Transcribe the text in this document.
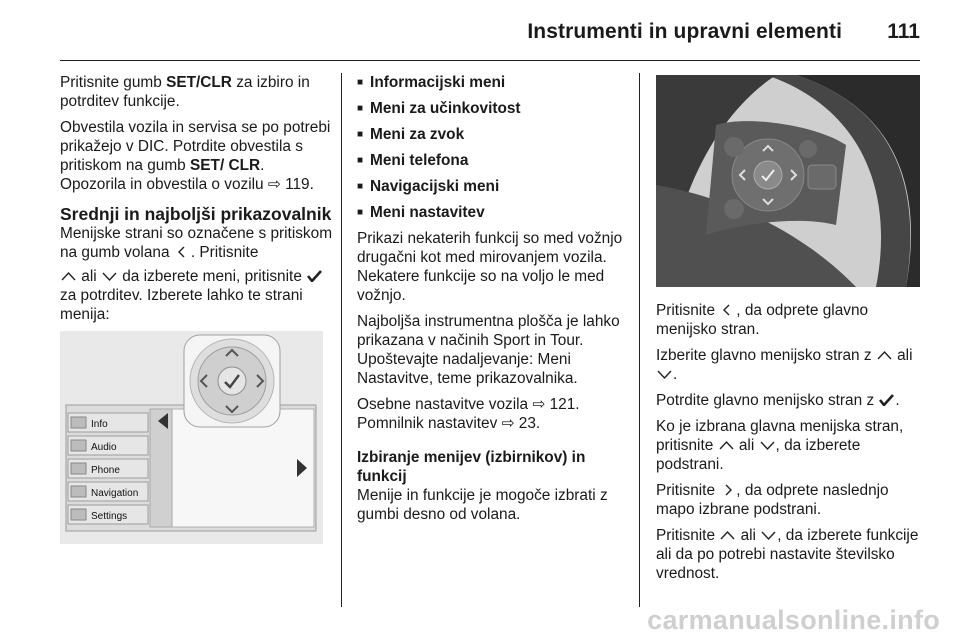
Instrumenti in upravni elementi 111

Pritisnite gumb SET/CLR za izbiro in potrditev funkcije.

Obvestila vozila in servisa se po potrebi prikažejo v DIC. Potrdite obvestila s pritiskom na gumb SET/ CLR. Opozorila in obvestila o vozilu ⇨ 119.

Srednji in najboljši prikazovalnik

Menijske strani so označene s pritiskom na gumb volana
. Pritisnite

ali
da izberete meni, pritisnite
za potrditev. Izberete lahko te strani menija:

Info
Audio
Phone
Navigation
Settings
■ Informacijski meni
■ Meni za učinkovitost
■ Meni za zvok
■ Meni telefona
■ Navigacijski meni
■ Meni nastavitev

Prikazi nekaterih funkcij so med vožnjo drugačni kot med mirovanjem vozila. Nekatere funkcije so na voljo le med vožnjo.

Najboljša instrumentna plošča je lahko prikazana v načinih Sport in Tour. Upoštevajte nadaljevanje: Meni Nastavitve, teme prikazovalnika.

Osebne nastavitve vozila ⇨ 121.
Pomnilnik nastavitev ⇨ 23.

Izbiranje menijev (izbirnikov) in funkcij

Menije in funkcije je mogoče izbrati z gumbi desno od volana.

Pritisnite
, da odprete glavno menijsko stran.

Izberite glavno menijsko stran z
ali
.

Potrdite glavno menijsko stran z
.

Ko je izbrana glavna menijska stran, pritisnite
ali
, da izberete podstrani.

Pritisnite
, da odprete naslednjo mapo izbrane podstrani.

Pritisnite
ali
, da izberete funkcije ali da po potrebi nastavite številsko vrednost.

carmanualsonline.info
